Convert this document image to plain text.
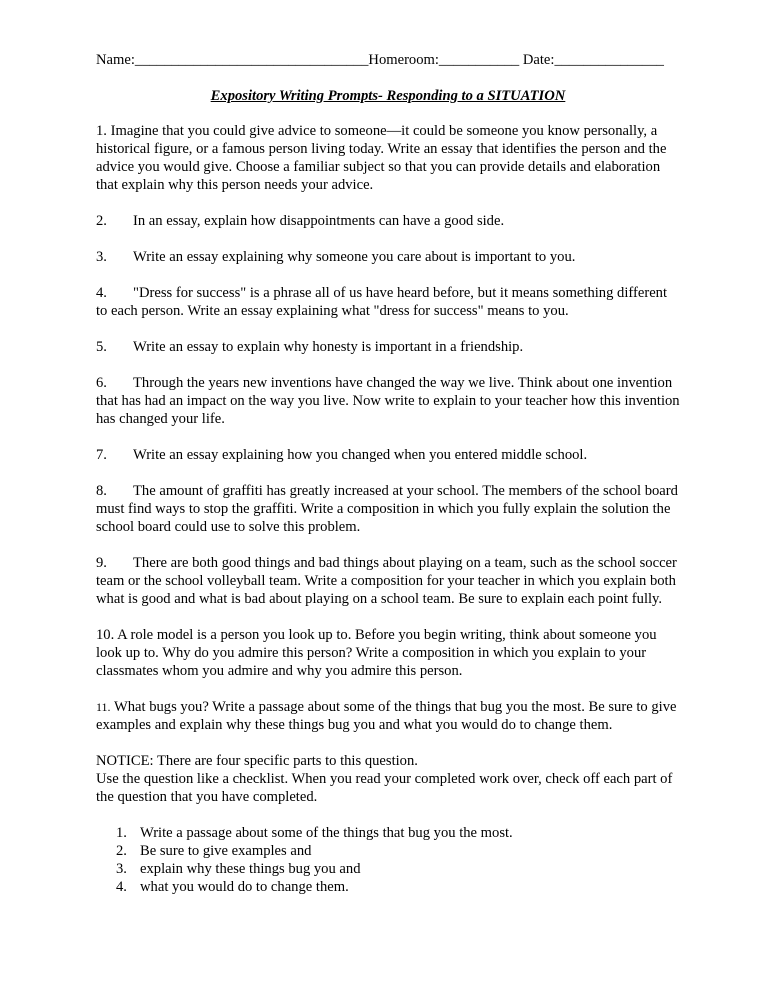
Name:________________________________Homeroom:___________ Date:_______________
Expository Writing Prompts- Responding to a SITUATION

1. Imagine that you could give advice to someone—it could be someone you know personally, a historical figure, or a famous person living today. Write an essay that identifies the person and the advice you would give. Choose a familiar subject so that you can provide details and elaboration that explain why this person needs your advice.

2. In an essay, explain how disappointments can have a good side.

3. Write an essay explaining why someone you care about is important to you.

4. "Dress for success" is a phrase all of us have heard before, but it means something different to each person. Write an essay explaining what "dress for success" means to you.

5. Write an essay to explain why honesty is important in a friendship.

6. Through the years new inventions have changed the way we live. Think about one invention that has had an impact on the way you live. Now write to explain to your teacher how this invention has changed your life.

7. Write an essay explaining how you changed when you entered middle school.

8. The amount of graffiti has greatly increased at your school. The members of the school board must find ways to stop the graffiti. Write a composition in which you fully explain the solution the school board could use to solve this problem.

9. There are both good things and bad things about playing on a team, such as the school soccer team or the school volleyball team. Write a composition for your teacher in which you explain both what is good and what is bad about playing on a school team. Be sure to explain each point fully.

10. A role model is a person you look up to. Before you begin writing, think about someone you look up to. Why do you admire this person? Write a composition in which you explain to your classmates whom you admire and why you admire this person.

11. What bugs you? Write a passage about some of the things that bug you the most. Be sure to give examples and explain why these things bug you and what you would do to change them.

NOTICE: There are four specific parts to this question.
Use the question like a checklist. When you read your completed work over, check off each part of the question that you have completed.

1. Write a passage about some of the things that bug you the most.
2. Be sure to give examples and
3. explain why these things bug you and
4. what you would do to change them.
